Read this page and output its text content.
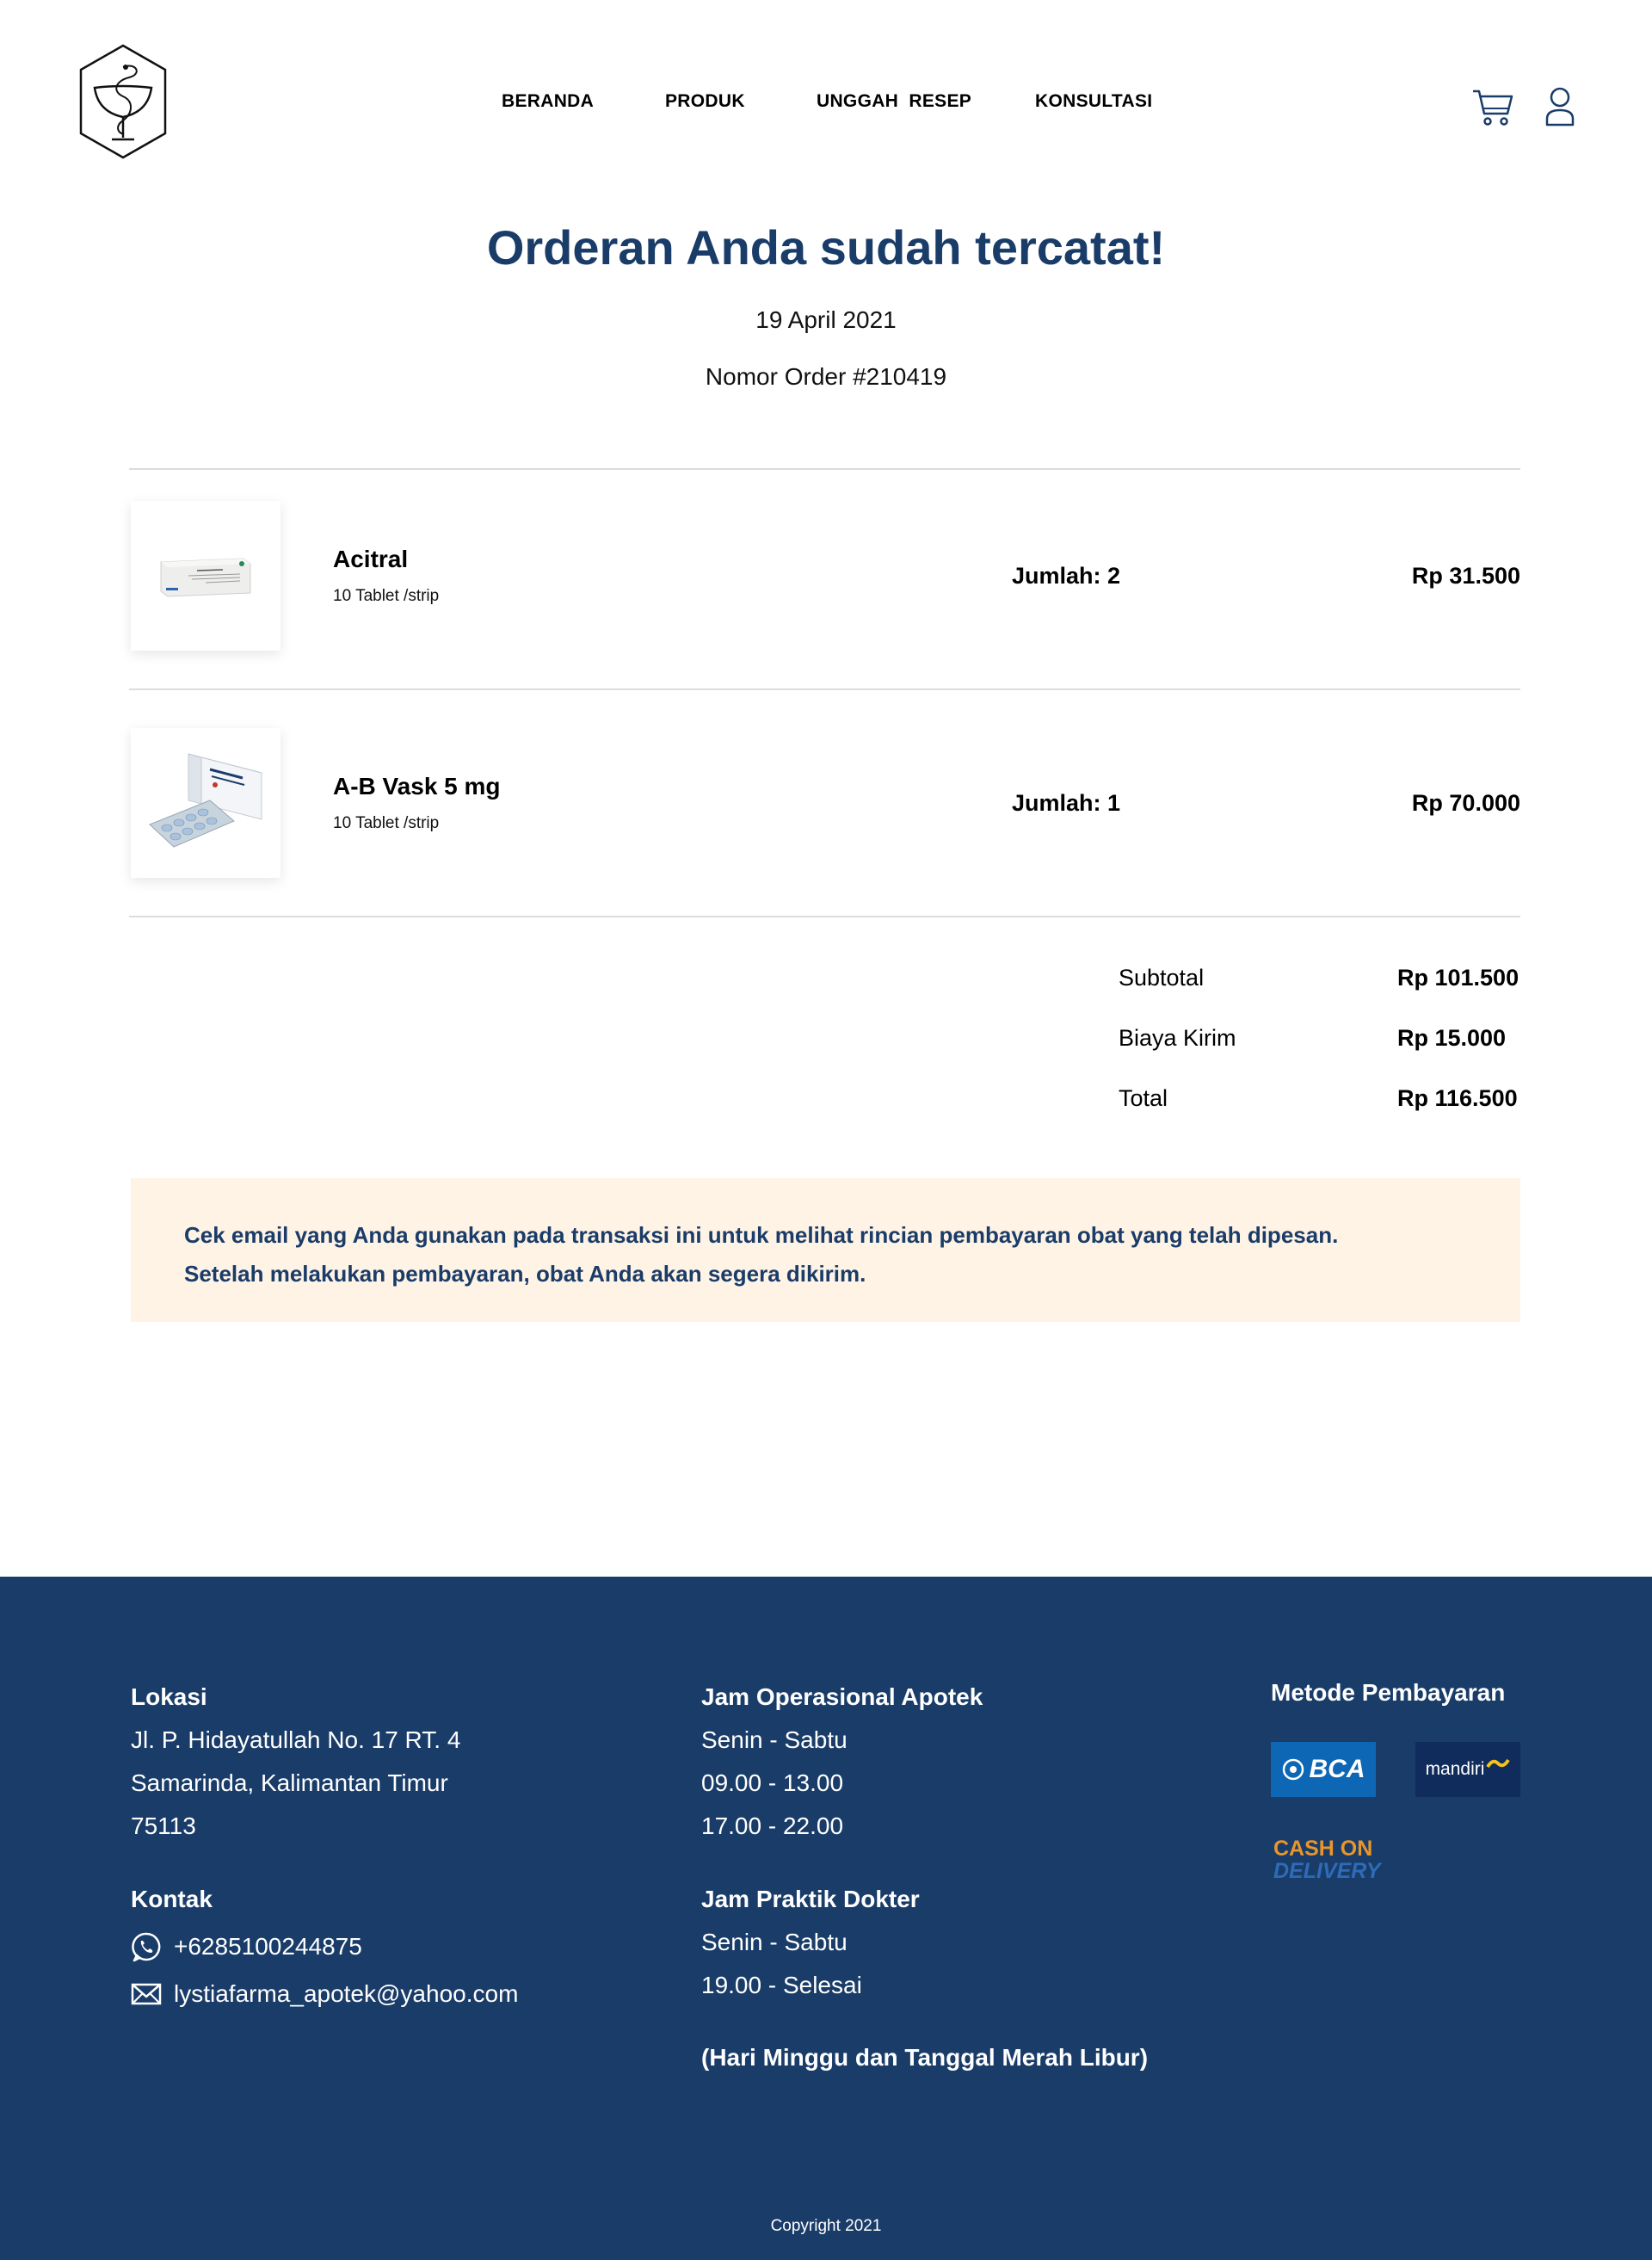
BERANDA	PRODUK	UNGGAH  RESEP	KONSULTASI
Orderan Anda sudah tercatat!
19 April 2021
Nomor Order #210419
Acitral
10 Tablet /strip
Jumlah: 2	Rp 31.500
A-B Vask 5 mg
10 Tablet /strip
Jumlah: 1	Rp 70.000
Subtotal	Rp 101.500
Biaya Kirim	Rp 15.000
Total	Rp 116.500

Cek email yang Anda gunakan pada transaksi ini untuk melihat rincian pembayaran obat yang telah dipesan.

Setelah melakukan pembayaran, obat Anda akan segera dikirim.

Lokasi
Jl. P. Hidayatullah No. 17 RT. 4
Samarinda, Kalimantan Timur
75113
Kontak
+6285100244875
lystiafarma_apotek@yahoo.com
Jam Operasional Apotek
Senin - Sabtu
09.00 - 13.00
17.00 - 22.00
Jam Praktik Dokter
Senin - Sabtu
19.00 - Selesai
(Hari Minggu dan Tanggal Merah Libur)
Metode Pembayaran
BCA	mandiri
CASH ON
DELIVERY
Copyright 2021
